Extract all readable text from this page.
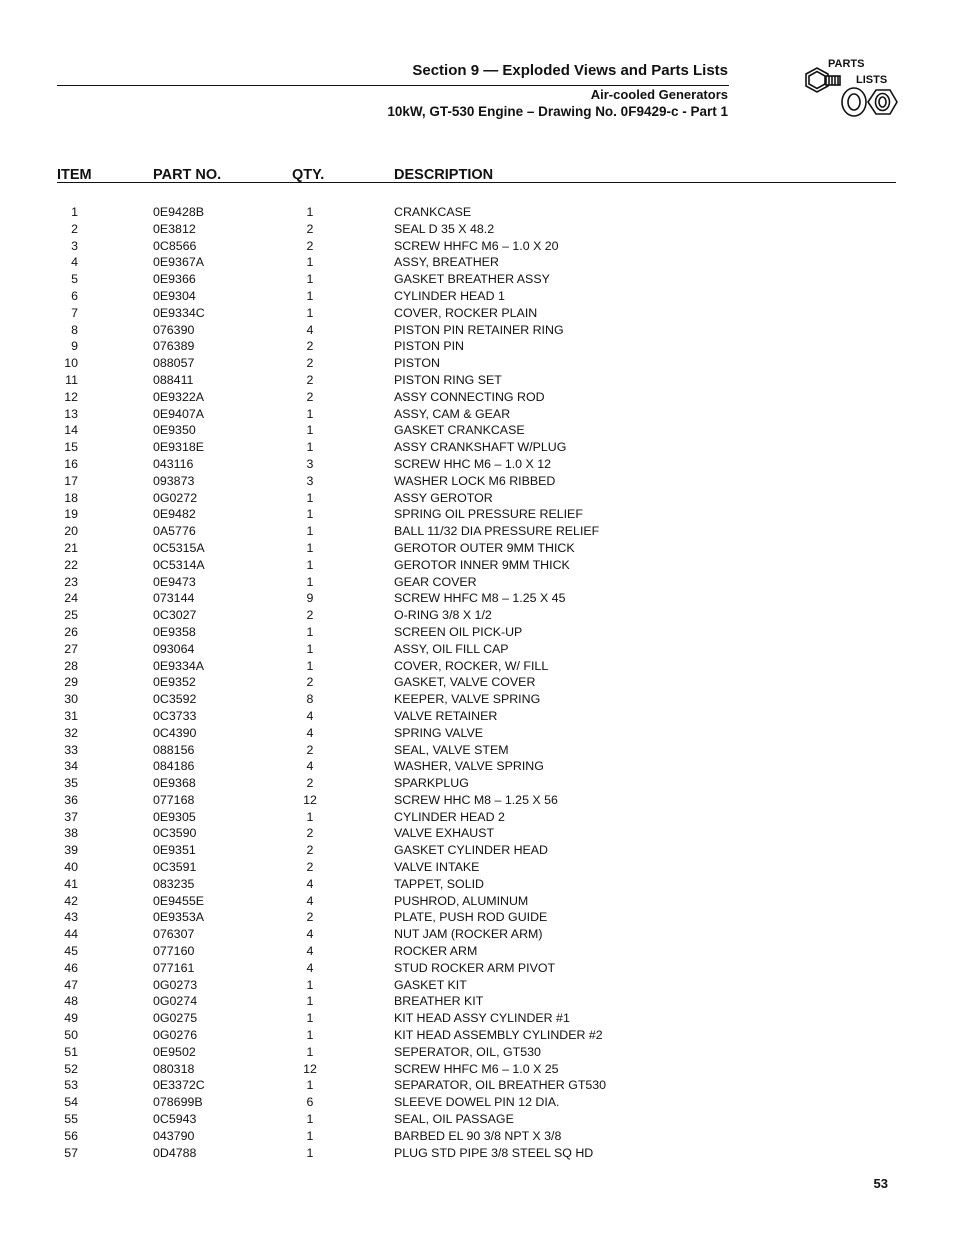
Section 9 — Exploded Views and Parts Lists
Air-cooled Generators
10kW, GT-530 Engine – Drawing No. 0F9429-c - Part 1
PARTS
LISTS
ITEM	PART NO.	QTY.	DESCRIPTION
1	0E9428B	1	CRANKCASE
2	0E3812	2	SEAL D 35 X 48.2
3	0C8566	2	SCREW HHFC M6 – 1.0 X 20
4	0E9367A	1	ASSY, BREATHER
5	0E9366	1	GASKET BREATHER ASSY
6	0E9304	1	CYLINDER HEAD 1
7	0E9334C	1	COVER, ROCKER PLAIN
8	076390	4	PISTON PIN RETAINER RING
9	076389	2	PISTON PIN
10	088057	2	PISTON
11	088411	2	PISTON RING SET
12	0E9322A	2	ASSY CONNECTING ROD
13	0E9407A	1	ASSY, CAM & GEAR
14	0E9350	1	GASKET CRANKCASE
15	0E9318E	1	ASSY CRANKSHAFT W/PLUG
16	043116	3	SCREW HHC M6 – 1.0 X 12
17	093873	3	WASHER LOCK M6 RIBBED
18	0G0272	1	ASSY GEROTOR
19	0E9482	1	SPRING OIL PRESSURE RELIEF
20	0A5776	1	BALL 11/32 DIA PRESSURE RELIEF
21	0C5315A	1	GEROTOR OUTER 9MM THICK
22	0C5314A	1	GEROTOR INNER 9MM THICK
23	0E9473	1	GEAR COVER
24	073144	9	SCREW HHFC M8 – 1.25 X 45
25	0C3027	2	O-RING 3/8 X 1/2
26	0E9358	1	SCREEN OIL PICK-UP
27	093064	1	ASSY, OIL FILL CAP
28	0E9334A	1	COVER, ROCKER, W/ FILL
29	0E9352	2	GASKET, VALVE COVER
30	0C3592	8	KEEPER, VALVE SPRING
31	0C3733	4	VALVE RETAINER
32	0C4390	4	SPRING VALVE
33	088156	2	SEAL, VALVE STEM
34	084186	4	WASHER, VALVE SPRING
35	0E9368	2	SPARKPLUG
36	077168	12	SCREW HHC M8 – 1.25 X 56
37	0E9305	1	CYLINDER HEAD 2
38	0C3590	2	VALVE EXHAUST
39	0E9351	2	GASKET CYLINDER HEAD
40	0C3591	2	VALVE INTAKE
41	083235	4	TAPPET, SOLID
42	0E9455E	4	PUSHROD, ALUMINUM
43	0E9353A	2	PLATE, PUSH ROD GUIDE
44	076307	4	NUT JAM (ROCKER ARM)
45	077160	4	ROCKER ARM
46	077161	4	STUD ROCKER ARM PIVOT
47	0G0273	1	GASKET KIT
48	0G0274	1	BREATHER KIT
49	0G0275	1	KIT HEAD ASSY CYLINDER #1
50	0G0276	1	KIT HEAD ASSEMBLY CYLINDER #2
51	0E9502	1	SEPERATOR, OIL, GT530
52	080318	12	SCREW HHFC M6 – 1.0 X 25
53	0E3372C	1	SEPARATOR, OIL BREATHER GT530
54	078699B	6	SLEEVE DOWEL PIN 12 DIA.
55	0C5943	1	SEAL, OIL PASSAGE
56	043790	1	BARBED EL 90 3/8 NPT X 3/8
57	0D4788	1	PLUG STD PIPE 3/8 STEEL SQ HD
53
